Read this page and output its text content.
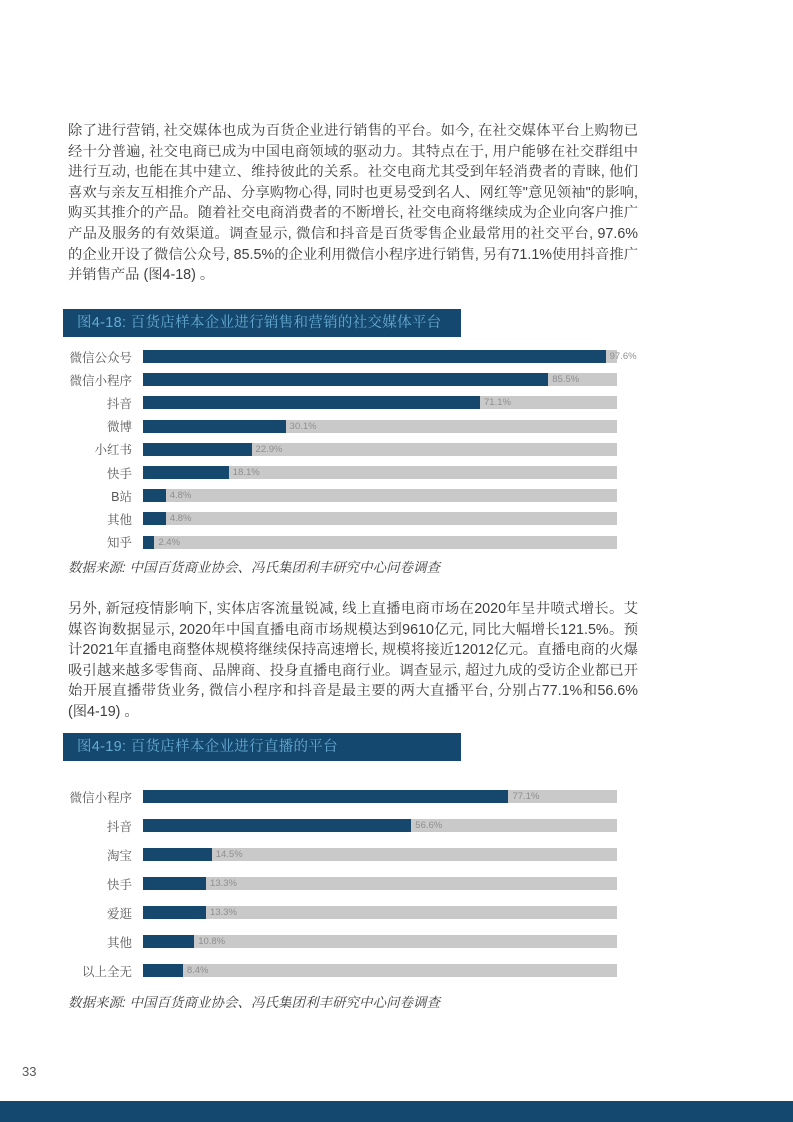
除了进行营销, 社交媒体也成为百货企业进行销售的平台。如今, 在社交媒体平台上购物已经十分普遍, 社交电商已成为中国电商领域的驱动力。其特点在于, 用户能够在社交群组中进行互动, 也能在其中建立、维持彼此的关系。社交电商尤其受到年轻消费者的青睐, 他们喜欢与亲友互相推介产品、分享购物心得, 同时也更易受到名人、网红等"意见领袖"的影响, 购买其推介的产品。随着社交电商消费者的不断增长, 社交电商将继续成为企业向客户推广产品及服务的有效渠道。调查显示, 微信和抖音是百货零售企业最常用的社交平台, 97.6%的企业开设了微信公众号, 85.5%的企业利用微信小程序进行销售, 另有71.1%使用抖音推广并销售产品 (图4-18) 。

图4-18: 百货店样本企业进行销售和营销的社交媒体平台
微信公众号	97.6%
微信小程序	85.5%
抖音	71.1%
微博	30.1%
小红书	22.9%
快手	18.1%
B站	4.8%
其他	4.8%
知乎	2.4%

数据来源: 中国百货商业协会、冯氏集团利丰研究中心问卷调查

另外, 新冠疫情影响下, 实体店客流量锐减, 线上直播电商市场在2020年呈井喷式增长。艾媒咨询数据显示, 2020年中国直播电商市场规模达到9610亿元, 同比大幅增长121.5%。预计2021年直播电商整体规模将继续保持高速增长, 规模将接近12012亿元。直播电商的火爆吸引越来越多零售商、品牌商、投身直播电商行业。调查显示, 超过九成的受访企业都已开始开展直播带货业务, 微信小程序和抖音是最主要的两大直播平台, 分别占77.1%和56.6% (图4-19) 。

图4-19: 百货店样本企业进行直播的平台
微信小程序	77.1%
抖音	56.6%
淘宝	14.5%
快手	13.3%
爱逛	13.3%
其他	10.8%
以上全无	8.4%

数据来源: 中国百货商业协会、冯氏集团利丰研究中心问卷调查

33
